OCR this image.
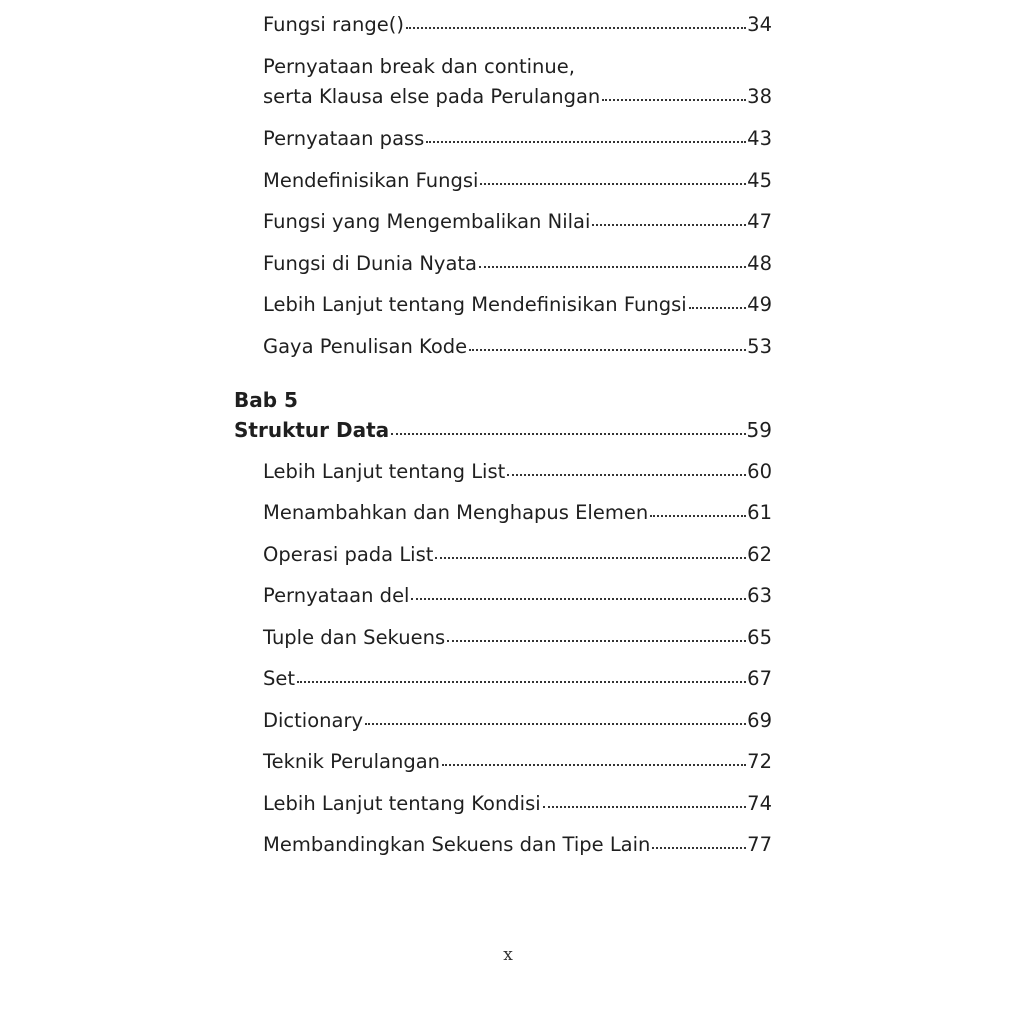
Fungsi range()	34
Pernyataan break dan continue,
serta Klausa else pada Perulangan	38
Pernyataan pass	43
Mendefinisikan Fungsi	45
Fungsi yang Mengembalikan Nilai	47
Fungsi di Dunia Nyata	48
Lebih Lanjut tentang Mendefinisikan Fungsi	49
Gaya Penulisan Kode	53
Bab 5
Struktur Data	59
Lebih Lanjut tentang List	60
Menambahkan dan Menghapus Elemen	61
Operasi pada List	62
Pernyataan del	63
Tuple dan Sekuens	65
Set	67
Dictionary	69
Teknik Perulangan	72
Lebih Lanjut tentang Kondisi	74
Membandingkan Sekuens dan Tipe Lain	77
x
